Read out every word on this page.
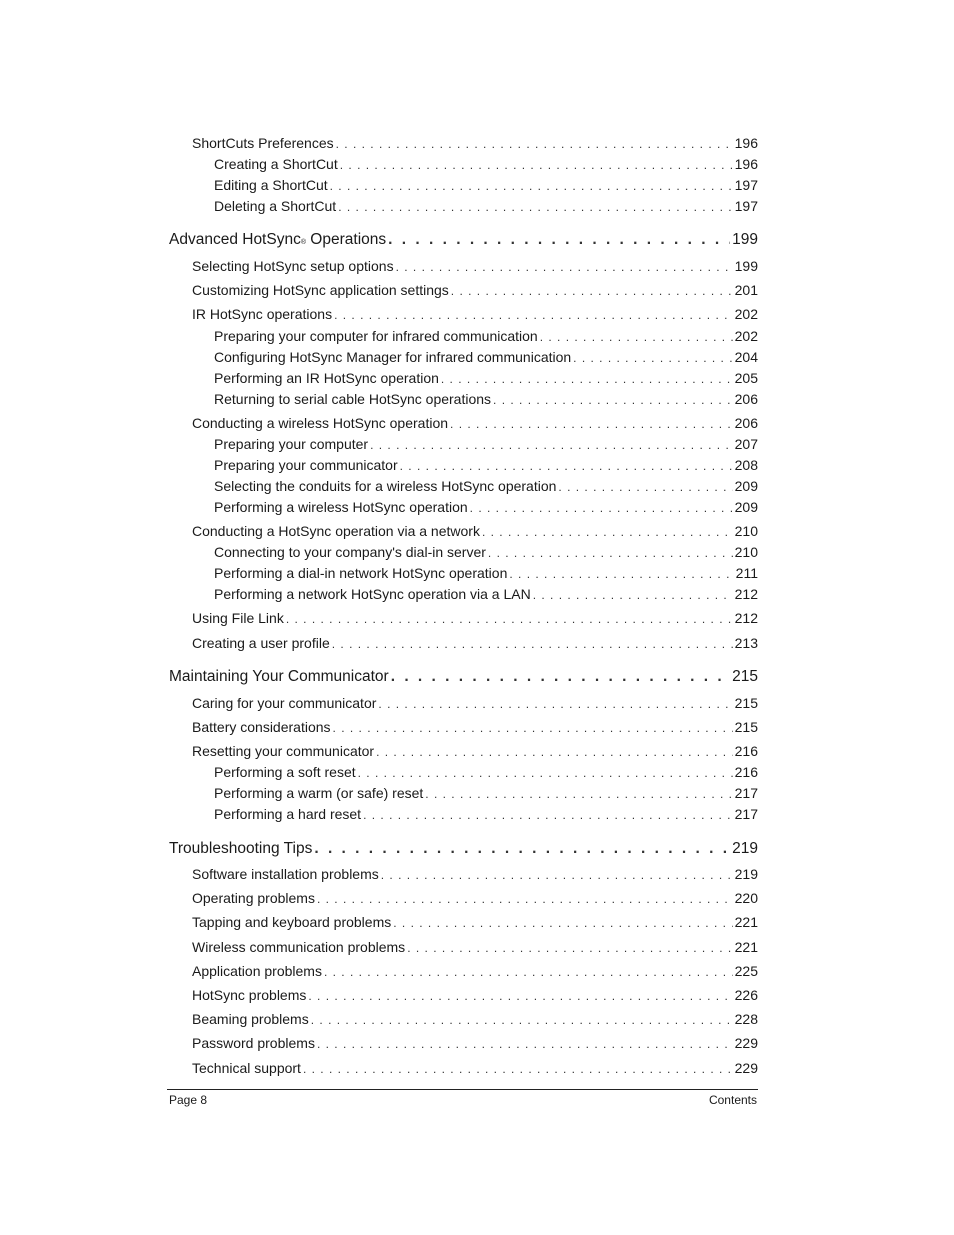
ShortCuts Preferences . . .	196
Creating a ShortCut . . .	196
Editing a ShortCut . . .	197
Deleting a ShortCut . . .	197
Advanced HotSync ® Operations . . .	199
Selecting HotSync setup options . . .	199
Customizing HotSync application settings . . .	201
IR HotSync operations . . .	202
Preparing your computer for infrared communication . . .	202
Configuring HotSync Manager for infrared communication . . .	204
Performing an IR HotSync operation . . .	205
Returning to serial cable HotSync operations . . .	206
Conducting a wireless HotSync operation . . .	206
Preparing your computer . . .	207
Preparing your communicator . . .	208
Selecting the conduits for a wireless HotSync operation . . .	209
Performing a wireless HotSync operation . . .	209
Conducting a HotSync operation via a network . . .	210
Connecting to your company's dial-in server . . .	210
Performing a dial-in network HotSync operation . . .	211
Performing a network HotSync operation via a LAN . . .	212
Using File Link . . .	212
Creating a user profile . . .	213
Maintaining Your Communicator . . .	215
Caring for your communicator . . .	215
Battery considerations . . .	215
Resetting your communicator . . .	216
Performing a soft reset . . .	216
Performing a warm (or safe) reset . . .	217
Performing a hard reset . . .	217
Troubleshooting Tips . . .	219
Software installation problems . . .	219
Operating problems . . .	220
Tapping and keyboard problems . . .	221
Wireless communication problems . . .	221
Application problems . . .	225
HotSync problems . . .	226
Beaming problems . . .	228
Password problems . . .	229
Technical support . . .	229
Page 8	Contents
